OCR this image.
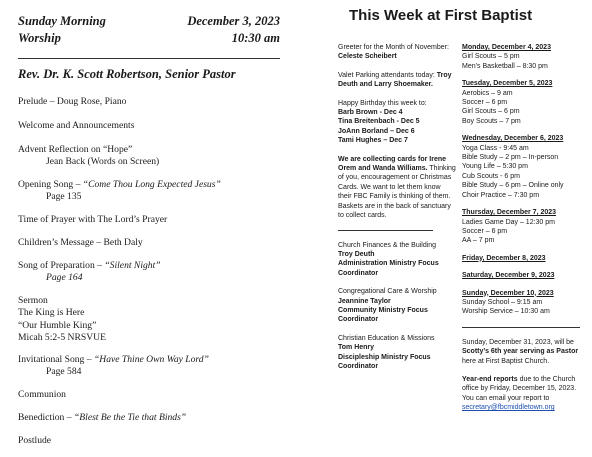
Sunday Morning	December 3, 2023
Worship	10:30 am
Rev. Dr. K. Scott Robertson, Senior Pastor
Prelude – Doug Rose, Piano
Welcome and Announcements
Advent Reflection on “Hope”
Jean Back (Words on Screen)
Opening Song – “Come Thou Long Expected Jesus”
Page 135
Time of Prayer with The Lord’s Prayer
Children’s Message – Beth Daly
Song of Preparation – “Silent Night”
Page 164
Sermon
The King is Here
“Our Humble King”
Micah 5:2-5 NRSVUE
Invitational Song – “Have Thine Own Way Lord”
Page 584
Communion
Benediction – “Blest Be the Tie that Binds”
Postlude
This Week at First Baptist

Greeter for the Month of November: Celeste Scheibert

Valet Parking attendants today: Troy Deuth and Larry Shoemaker.

Happy Birthday this week to:
Barb Brown - Dec 4
Tina Breitenbach - Dec 5
JoAnn Borland – Dec 6
Tami Hughes – Dec 7

We are collecting cards for Irene Orem and Wanda Williams. Thinking of you, encouragement or Christmas Cards. We want to let them know their FBC Family is thinking of them. Baskets are in the back of sanctuary to collect cards.

Church Finances & the Building
Troy Deuth
Administration Ministry Focus Coordinator

Congregational Care & Worship
Jeannine Taylor
Community Ministry Focus Coordinator

Christian Education & Missions
Tom Henry
Discipleship Ministry Focus Coordinator

Monday, December 4, 2023
Girl Scouts – 5 pm
Men’s Basketball – 8:30 pm
Tuesday, December 5, 2023
Aerobics – 9 am
Soccer – 6 pm
Girl Scouts – 6 pm
Boy Scouts – 7 pm
Wednesday, December 6, 2023
Yoga Class - 9:45 am
Bible Study – 2 pm – In-person
Young Life – 5:30 pm
Cub Scouts - 6 pm
Bible Study – 6 pm – Online only
Choir Practice – 7:30 pm
Thursday, December 7, 2023
Ladies Game Day – 12:30 pm
Soccer – 6 pm
AA – 7 pm
Friday, December 8, 2023
Saturday, December 9, 2023
Sunday, December 10, 2023
Sunday School – 9:15 am
Worship Service – 10:30 am

Sunday, December 31, 2023, will be Scotty’s 6th year serving as Pastor here at First Baptist Church.

Year-end reports due to the Church office by Friday, December 15, 2023. You can email your report to
secretary@fbcmiddletown.org
